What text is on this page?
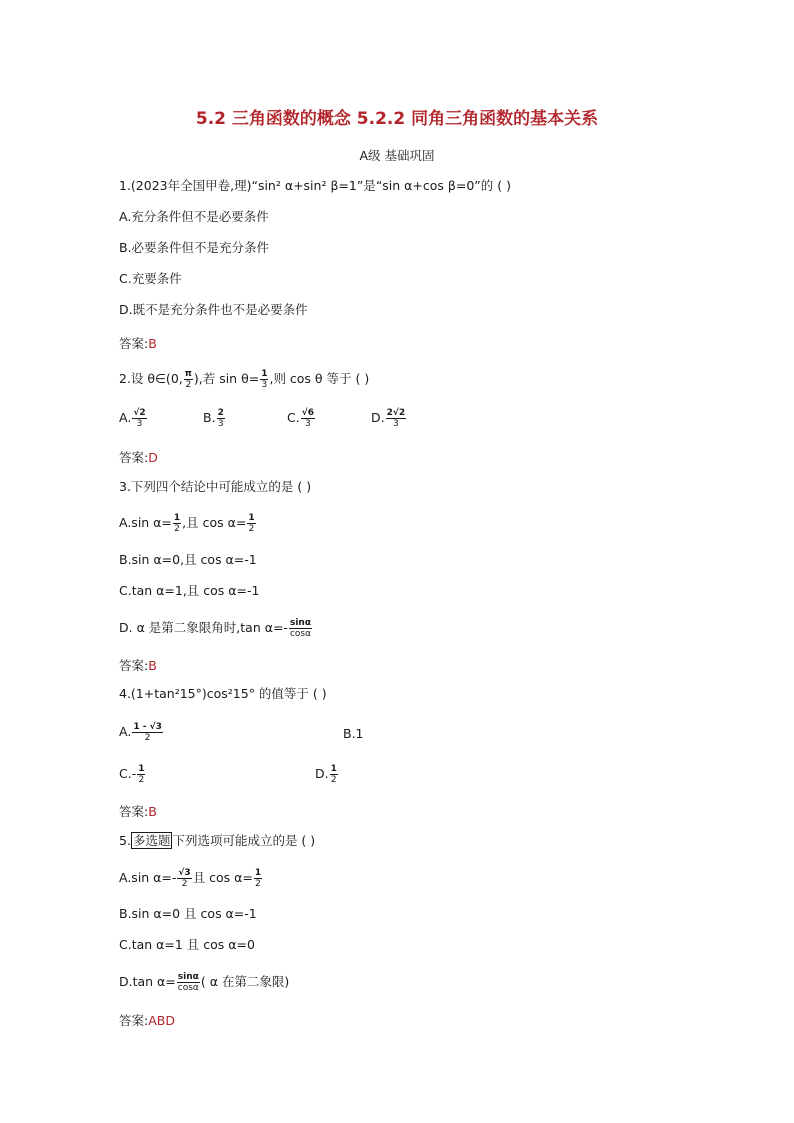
5.2 三角函数的概念 5.2.2 同角三角函数的基本关系
A级 基础巩固
1.(2023年全国甲卷,理)“sin² α+sin² β=1”是“sin α+cos β=0”的 ( )
A.充分条件但不是必要条件
B.必要条件但不是充分条件
C.充要条件
D.既不是充分条件也不是必要条件
答案:B
2.设 θ∈(0, $\frac{\pi}{2}$ ),若 $\sin \theta= \frac{1}{3}$ ,则 cos θ 等于 ( )
A. $\frac{√2}{3}$	B. $\frac{2}{3}$	C. $\frac{√6}{3}$	D. $\frac{2√2}{3}$
答案:D
3.下列四个结论中可能成立的是 ( )
A.sin $\alpha= \frac{1}{2}$ ,且 $\cos \alpha= \frac{1}{2}$
B.sin α=0,且 cos α=-1
C.tan α=1,且 cos α=-1
D. α 是第二象限角时,tan $\alpha=- \frac{\sin\alpha}{\cos\alpha}$
答案:B
4.(1+tan²15°)cos²15° 的值等于 ( )
A. $\frac{1 - √3}{2}$	B.1
$C.- \frac{1}{2}$	D. $\frac{1}{2}$
答案:B
5. 多选题 下列选项可能成立的是 ( )
A.sin $\alpha=- \frac{√3}{2}$ 且 $\cos \alpha= \frac{1}{2}$
B.sin α=0 且 cos α=-1
C.tan α=1 且 cos α=0
D.tan $\alpha= \frac{\sin\alpha}{\cos\alpha}$ ( α 在第二象限)
答案:ABD
